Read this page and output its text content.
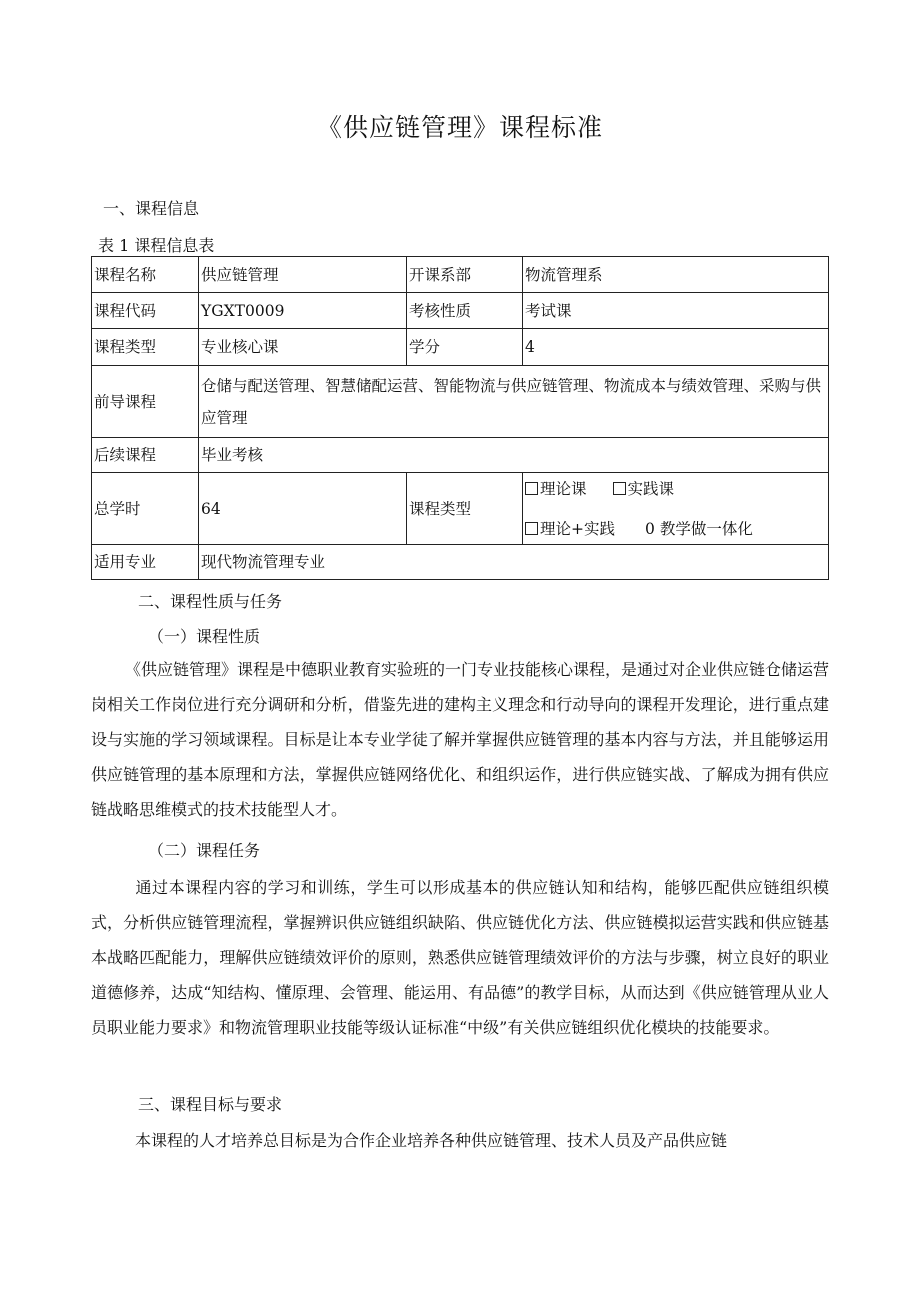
《供应链管理》课程标准
一、课程信息
表 1 课程信息表
课程名称	供应链管理	开课系部	物流管理系
课程代码	YGXT0009	考核性质	考试课
课程类型	专业核心课	学分	4
前导课程	仓储与配送管理、智慧储配运营、智能物流与供应链管理、物流成本与绩效管理、采购与供应管理		
后续课程	毕业考核		
总学时	64	课程类型	理论课 实践课
理论+实践 0 教学做一体化

适用专业	现代物流管理专业		
二、课程性质与任务
（一）课程性质

《供应链管理》课程是中德职业教育实验班的一门专业技能核心课程，是通过对企业供应链仓储运营岗相关工作岗位进行充分调研和分析，借鉴先进的建构主义理念和行动导向的课程开发理论，进行重点建设与实施的学习领域课程。目标是让本专业学徒了解并掌握供应链管理的基本内容与方法，并且能够运用供应链管理的基本原理和方法，掌握供应链网络优化、和组织运作，进行供应链实战、了解成为拥有供应链战略思维模式的技术技能型人才。

（二）课程任务

通过本课程内容的学习和训练，学生可以形成基本的供应链认知和结构，能够匹配供应链组织模式，分析供应链管理流程，掌握辨识供应链组织缺陷、供应链优化方法、供应链模拟运营实践和供应链基本战略匹配能力，理解供应链绩效评价的原则，熟悉供应链管理绩效评价的方法与步骤，树立良好的职业道德修养，达成“知结构、懂原理、会管理、能运用、有品德”的教学目标，从而达到《供应链管理从业人员职业能力要求》和物流管理职业技能等级认证标准“中级”有关供应链组织优化模块的技能要求。

三、课程目标与要求

本课程的人才培养总目标是为合作企业培养各种供应链管理、技术人员及产品供应链
